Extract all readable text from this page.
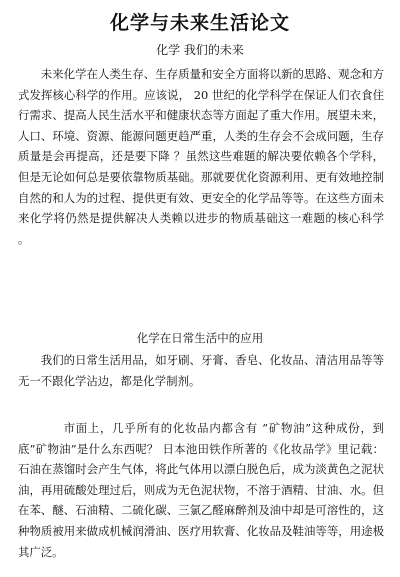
化学与未来生活论文
化学 我们的未来

未来化学在人类生存、生存质量和安全方面将以新的思路、观念和方式发挥核心科学的作用。应该说， 20 世纪的化学科学在保证人们衣食住行需求、提高人民生活水平和健康状态等方面起了重大作用。展望未来，人口、环境、资源、能源问题更趋严重，人类的生存会不会成问题，生存质量是会再提高，还是要下降 ？虽然这些难题的解决要依赖各个学科，但是无论如何总是要依靠物质基础。那就要优化资源利用、更有效地控制自然的和人为的过程、提供更有效、更安全的化学品等等。在这些方面未来化学将仍然是提供解决人类赖以进步的物质基础这一难题的核心科学 。

化学在日常生活中的应用

我们的日常生活用品，如牙刷、牙膏、香皂、化妆品、清洁用品等等无一不跟化学沾边，都是化学制剂。

市面上，几乎所有的化妆品内都含有 ”矿物油”这种成份，到底”矿物油”是什么东西呢？ 日本池田铁作所著的《化妆品学》里记载：石油在蒸馏时会产生气体，将此气体用以漂白脱色后，成为淡黄色之泥状油，再用硫酸处理过后，则成为无色泥状物，不溶于酒精、甘油、水。但在苯、醚、石油精、二硫化碳、三氯乙醛麻醉剂及油中却是可溶性的，这种物质被用来做成机械润滑油、医疗用软膏、化妆品及鞋油等等，用途极其广泛。
